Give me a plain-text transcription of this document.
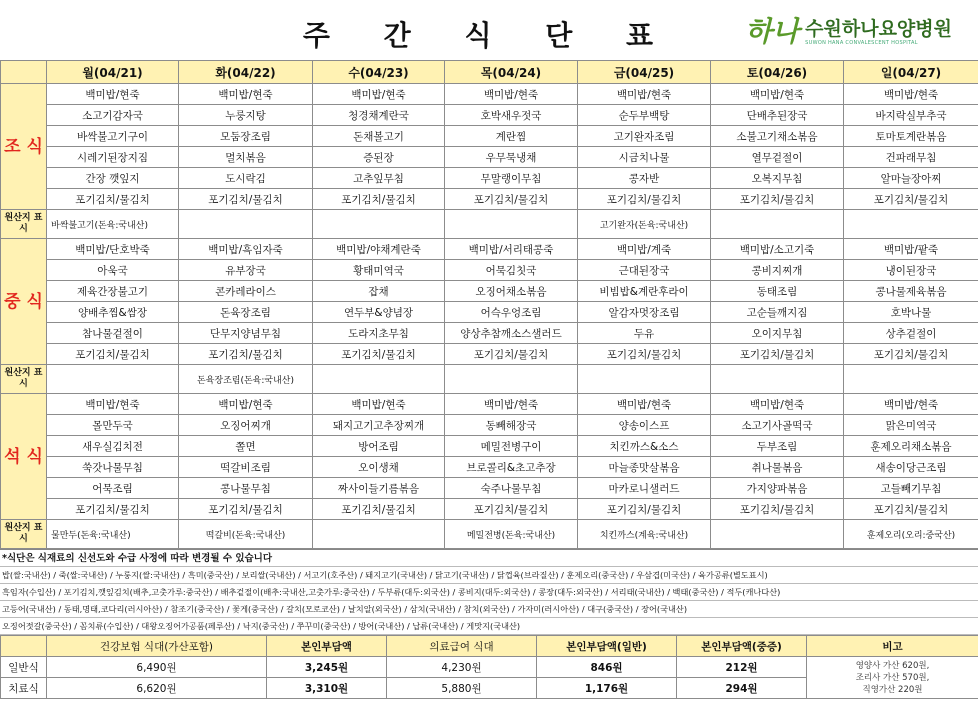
주 간 식 단 표	하나 수원하나요양병원
SUWON HANA CONVALESCENT HOSPITAL
	월(04/21)	화(04/22)	수(04/23)	목(04/24)	금(04/25)	토(04/26)	일(04/27)
조 식	백미밥/현죽	백미밥/현죽	백미밥/현죽	백미밥/현죽	백미밥/현죽	백미밥/현죽	백미밥/현죽
	소고기감자국	누룽지탕	청경채계란국	호박새우젓국	순두부백탕	단배추된장국	바지락실부추국
	바싹불고기구이	모둠장조림	돈채볼고기	계란찜	고기완자조림	소불고기채소볶음	토마토계란볶음
	시레기된장지짐	멸치볶음	증된장	우무묵냉채	시금치나물	열무겉절이	건파래무침
	간장 깻잎지	도시락김	고추잎무침	무말랭이무침	콩자반	오복지무침	알마늘장아찌
	포기김치/물김치	포기김치/물김치	포기김치/물김치	포기김치/물김치	포기김치/물김치	포기김치/물김치	포기김치/물김치
원산지 표시	바싹불고기(돈육:국내산)				고기완자(돈육:국내산)		
중 식	백미밥/단호박죽	백미밥/흑임자죽	백미밥/야채계란죽	백미밥/서리태콩죽	백미밥/계죽	백미밥/소고기죽	백미밥/팥죽
	아욱국	유부장국	황태미역국	어묵김칫국	근대된장국	콩비지찌개	냉이된장국
	제육간장불고기	콘카레라이스	잡채	오징어채소볶음	비빔밥&계란후라이	동태조림	콩나물제육볶음
	양배추찜&쌈장	돈육장조림	연두부&양념장	어슥우엉조림	알감자멋장조림	고순들깨지짐	호박나물
	참나물겉절이	단무지양념무침	도라지초무침	양상추참깨소스샐러드	두유	오이지무침	상추겉절이
	포기김치/물김치	포기김치/물김치	포기김치/물김치	포기김치/물김치	포기김치/물김치	포기김치/물김치	포기김치/물김치
원산지 표시		돈육장조림(돈육:국내산)					
석 식	백미밥/현죽	백미밥/현죽	백미밥/현죽	백미밥/현죽	백미밥/현죽	백미밥/현죽	백미밥/현죽
	몰만두국	오징어찌개	돼지고기고추장찌개	동빼해장국	양송이스프	소고기사골떡국	맑은미역국
	새우실김치전	쫄면	방어조림	메밀전병구이	치킨까스&소스	두부조림	훈제오리채소볶음
	쑥갓나물무침	떡갈비조림	오이생채	브로콜리&초고추장	마늘종맛살볶음	취나물볶음	새송이당근조림
	어묵조림	콩나물무침	짜사이들기름볶음	숙주나물무침	마카로니샐러드	가지양파볶음	고들빼기무침
	포기김치/물김치	포기김치/물김치	포기김치/물김치	포기김치/물김치	포기김치/물김치	포기김치/물김치	포기김치/물김치
원산지 표시	물만두(돈육:국내산)	떡갈비(돈육:국내산)		메밀전병(돈육:국내산)	치킨까스(계육:국내산)		훈제오리(오리:중국산)
*식단은 식재료의 신선도와 수급 사정에 따라 변경될 수 있습니다
밥(쌀:국내산) / 죽(쌀:국내산) / 누룽지(쌀:국내산) / 흑미(중국산) / 보리쌀(국내산) / 서고기(호주산) / 돼지고기(국내산) / 닭고기(국내산) / 닭껍육(브라질산) / 훈제오리(중국산) / 우삼겹(미국산) / 육가공류(별도표시)
흑임자(수입산) / 포기김치,깻잎김치(배추,고춧가루:중국산) / 배추겉절이(배추:국내산,고춧가루:중국산) / 두부류(대두:외국산) / 콩비지(대두:외국산) / 콩장(대두:외국산) / 서리태(국내산) / 백태(중국산) / 적두(캐나다산)
고등어(국내산) / 동태,명태,코다리(러시아산) / 참조기(중국산) / 꽃게(중국산) / 갈치(모로코산) / 날치알(외국산) / 삼치(국내산) / 참치(외국산) / 가자미(러시아산) / 대구(중국산) / 장어(국내산)
오징어젓갈(중국산) / 꼼치류(수입산) / 대왕오징어가공품(페루산) / 낙지(중국산) / 쭈꾸미(중국산) / 방어(국내산) / 납류(국내산) / 게맛지(국내산)
	건강보험 식대(가산포함)	본인부담액	의료급여 식대	본인부담액(일반)	본인부담액(중증)	비고
일반식	6,490원	3,245원	4,230원	846원	212원	영양사 가산 620원,
조리사 가산 570원,
직영가산 220원

치료식	6,620원	3,310원	5,880원	1,176원	294원	
